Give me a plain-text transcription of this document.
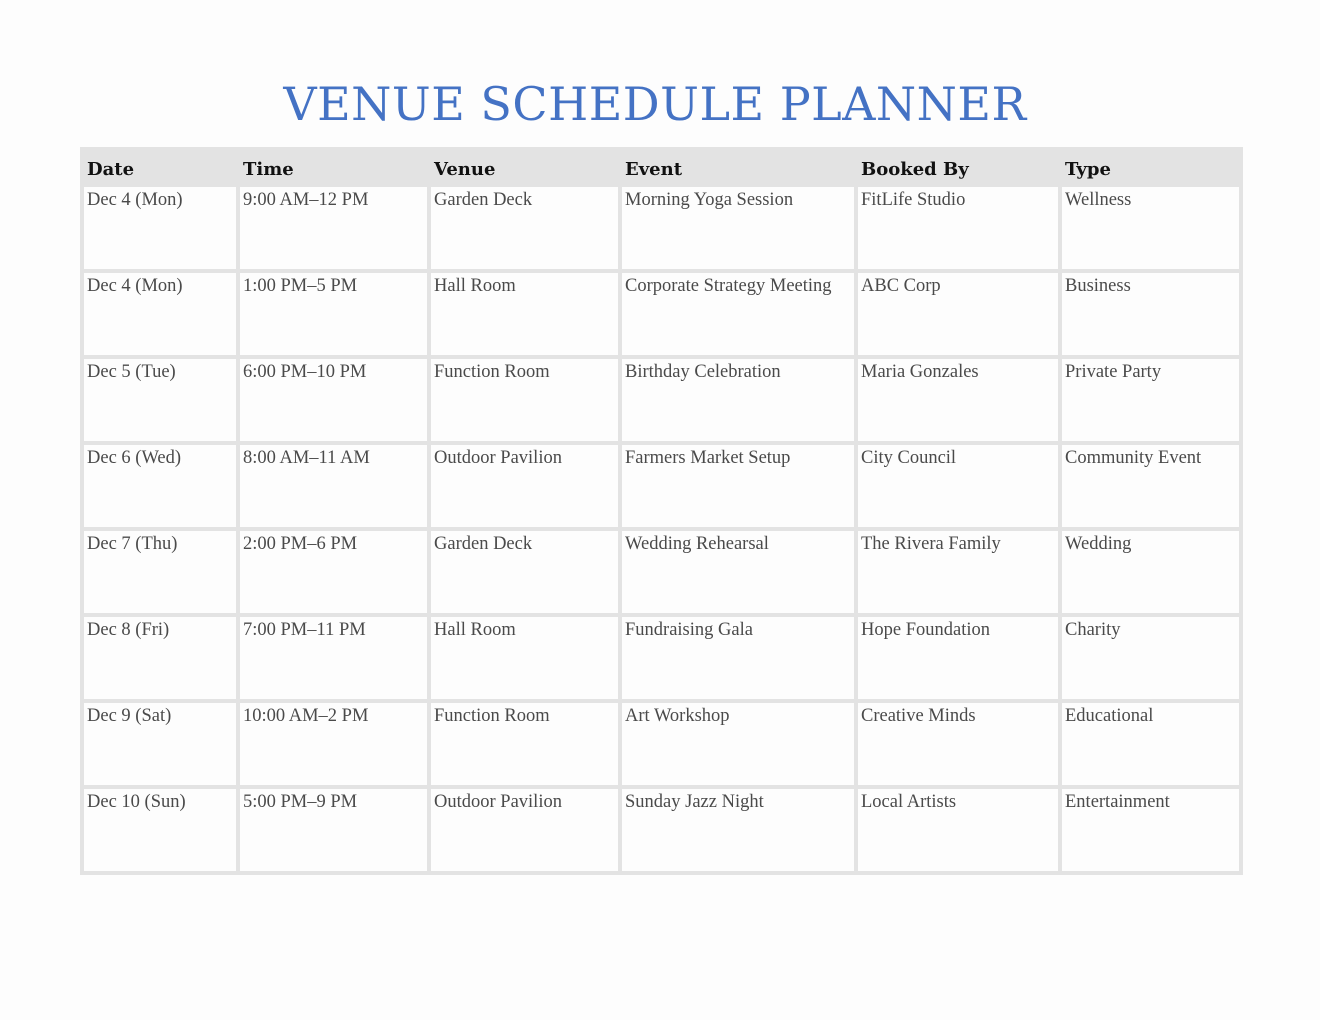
VENUE SCHEDULE PLANNER
Date	Time	Venue	Event	Booked By	Type
Dec 4 (Mon)	9:00 AM–12 PM	Garden Deck	Morning Yoga Session	FitLife Studio	Wellness
Dec 4 (Mon)	1:00 PM–5 PM	Hall Room	Corporate Strategy Meeting	ABC Corp	Business
Dec 5 (Tue)	6:00 PM–10 PM	Function Room	Birthday Celebration	Maria Gonzales	Private Party
Dec 6 (Wed)	8:00 AM–11 AM	Outdoor Pavilion	Farmers Market Setup	City Council	Community Event
Dec 7 (Thu)	2:00 PM–6 PM	Garden Deck	Wedding Rehearsal	The Rivera Family	Wedding
Dec 8 (Fri)	7:00 PM–11 PM	Hall Room	Fundraising Gala	Hope Foundation	Charity
Dec 9 (Sat)	10:00 AM–2 PM	Function Room	Art Workshop	Creative Minds	Educational
Dec 10 (Sun)	5:00 PM–9 PM	Outdoor Pavilion	Sunday Jazz Night	Local Artists	Entertainment
